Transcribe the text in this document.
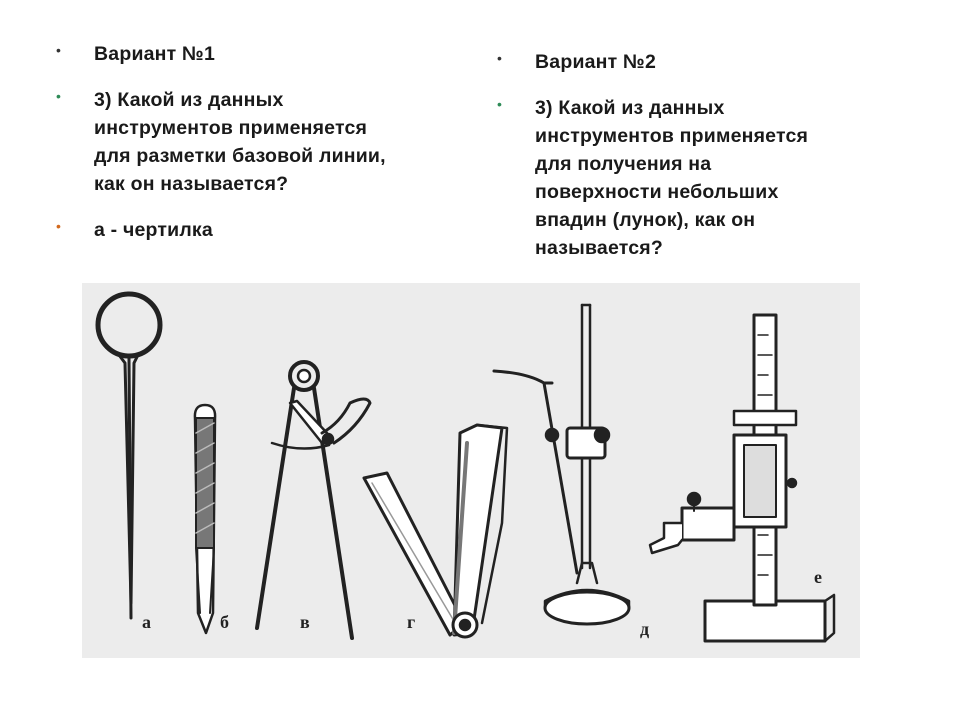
• Вариант №1
• 3) Какой из данных
инструментов применяется
для разметки базовой линии,
как он называется?
• а - чертилка
• Вариант №2
• 3) Какой из данных
инструментов применяется
для получения на
поверхности небольших
впадин (лунок), как он
называется?
а	б	в	г	д
е
